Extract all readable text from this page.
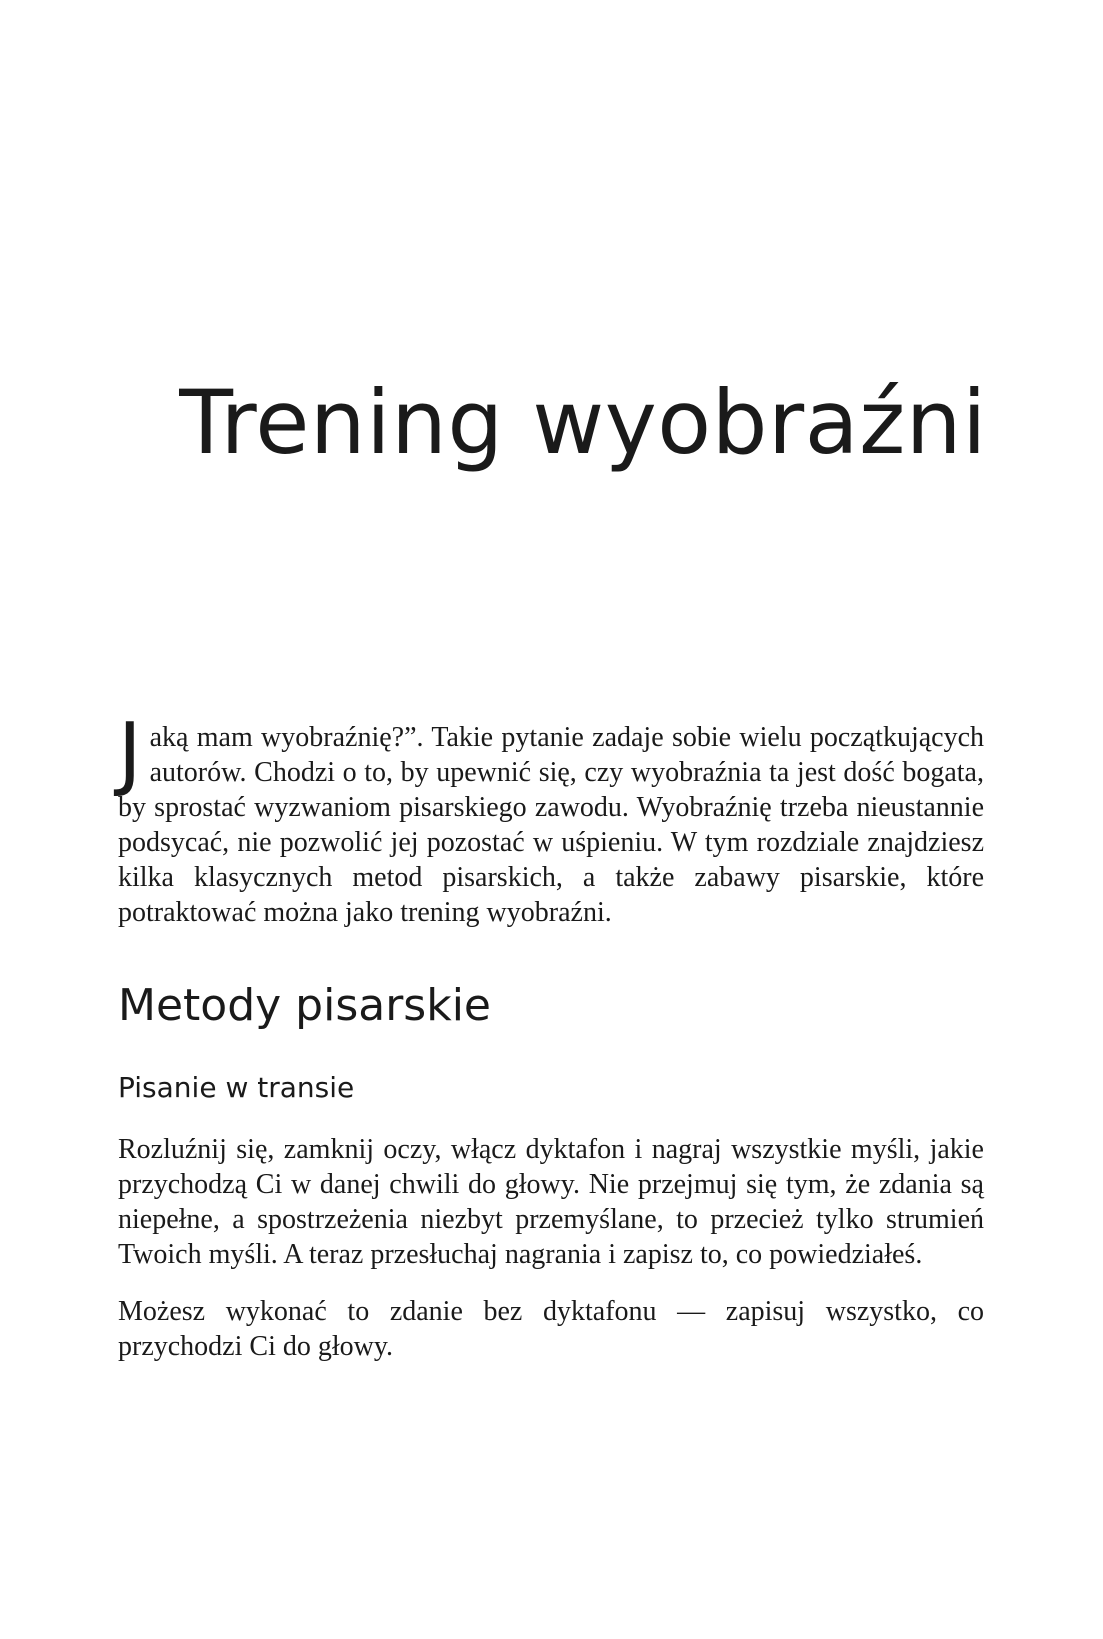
Trening wyobraźni

Jaką mam wyobraźnię?”. Takie pytanie zadaje sobie wielu początkujących autorów. Chodzi o to, by upewnić się, czy wyobraźnia ta jest dość bogata, by sprostać wyzwaniom pisarskiego zawodu. Wyobraźnię trzeba nieustannie podsycać, nie pozwolić jej pozostać w uśpieniu. W tym rozdziale znajdziesz kilka klasycznych metod pisarskich, a także zabawy pisarskie, które potraktować można jako trening wyobraźni.

Metody pisarskie
Pisanie w transie

Rozluźnij się, zamknij oczy, włącz dyktafon i nagraj wszystkie myśli, jakie przychodzą Ci w danej chwili do głowy. Nie przejmuj się tym, że zdania są niepełne, a spostrzeżenia niezbyt przemyślane, to przecież tylko strumień Twoich myśli. A teraz przesłuchaj nagrania i zapisz to, co powiedziałeś.

Możesz wykonać to zdanie bez dyktafonu — zapisuj wszystko, co przychodzi Ci do głowy.
